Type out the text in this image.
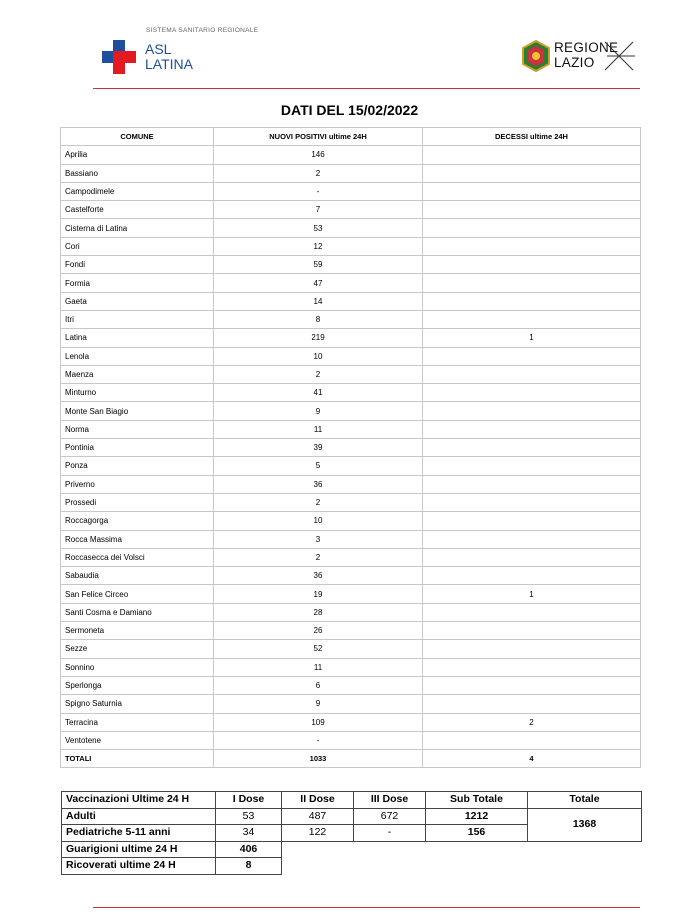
SISTEMA SANITARIO REGIONALE
ASL
LATINA
REGIONE
LAZIO
DATI DEL 15/02/2022
COMUNE	NUOVI POSITIVI ultime 24H	DECESSI ultime 24H
Aprilia	146	
Bassiano	2	
Campodimele	-	
Castelforte	7	
Cisterna di Latina	53	
Cori	12	
Fondi	59	
Formia	47	
Gaeta	14	
Itri	8	
Latina	219	1
Lenola	10	
Maenza	2	
Minturno	41	
Monte San Biagio	9	
Norma	11	
Pontinia	39	
Ponza	5	
Priverno	36	
Prossedi	2	
Roccagorga	10	
Rocca Massima	3	
Roccasecca dei Volsci	2	
Sabaudia	36	
San Felice Circeo	19	1
Santi Cosma e Damiano	28	
Sermoneta	26	
Sezze	52	
Sonnino	11	
Sperlonga	6	
Spigno Saturnia	9	
Terracina	109	2
Ventotene	-	
TOTALI	1033	4
Vaccinazioni Ultime 24 H	I Dose	II Dose	III Dose	Sub Totale	Totale
Adulti	53	487	672	1212	1368
Pediatriche 5-11 anni	34	122	-	156	
Guarigioni ultime 24 H	406				
Ricoverati ultime 24 H	8				
